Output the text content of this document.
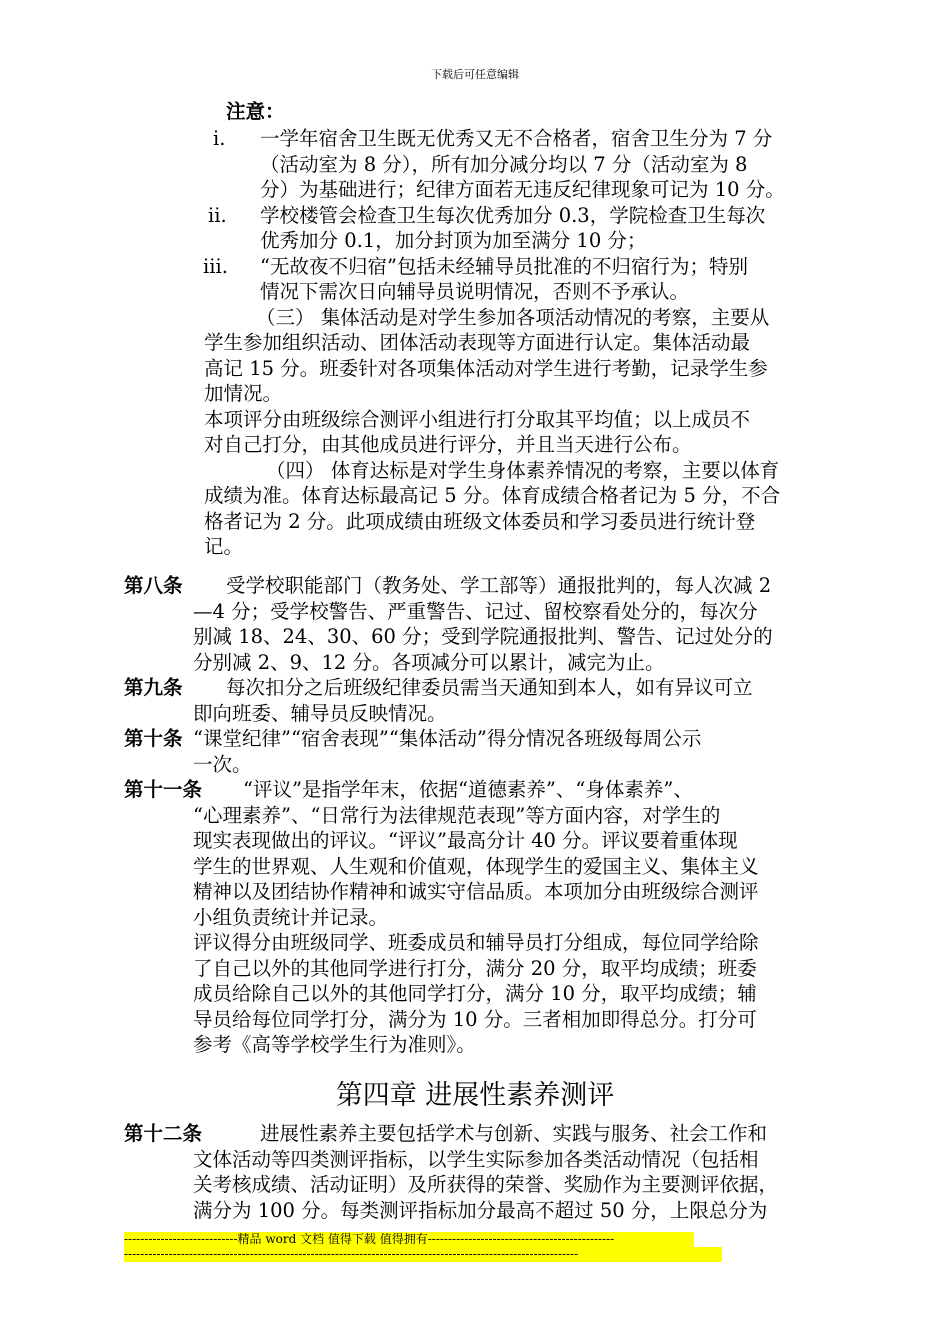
下载后可任意编辑
注意：
i. 一学年宿舍卫生既无优秀又无不合格者，宿舍卫生分为 7 分
（活动室为 8 分），所有加分减分均以 7 分（活动室为 8
分）为基础进行；纪律方面若无违反纪律现象可记为 10 分。
ii. 学校楼管会检查卫生每次优秀加分 0.3，学院检查卫生每次
优秀加分 0.1，加分封顶为加至满分 10 分；
iii. “无故夜不归宿”包括未经辅导员批准的不归宿行为；特别
情况下需次日向辅导员说明情况，否则不予承认。
（三） 集体活动是对学生参加各项活动情况的考察，主要从
学生参加组织活动、团体活动表现等方面进行认定。集体活动最
高记 15 分。班委针对各项集体活动对学生进行考勤，记录学生参
加情况。
本项评分由班级综合测评小组进行打分取其平均值；以上成员不
对自己打分，由其他成员进行评分，并且当天进行公布。
（四） 体育达标是对学生身体素养情况的考察，主要以体育
成绩为准。体育达标最高记 5 分。体育成绩合格者记为 5 分，不合
格者记为 2 分。此项成绩由班级文体委员和学习委员进行统计登
记。
第八条 受学校职能部门（教务处、学工部等）通报批判的，每人次减 2
—4 分；受学校警告、严重警告、记过、留校察看处分的，每次分
别减 18、24、30、60 分；受到学院通报批判、警告、记过处分的
分别减 2、9、12 分。各项减分可以累计，减完为止。
第九条 每次扣分之后班级纪律委员需当天通知到本人，如有异议可立
即向班委、辅导员反映情况。
第十条 “课堂纪律”“宿舍表现”“集体活动”得分情况各班级每周公示
一次。
第十一条 “评议”是指学年末，依据“道德素养”、“身体素养”、
“心理素养”、“日常行为法律规范表现”等方面内容，对学生的
现实表现做出的评议。“评议”最高分计 40 分。评议要着重体现
学生的世界观、人生观和价值观，体现学生的爱国主义、集体主义
精神以及团结协作精神和诚实守信品质。本项加分由班级综合测评
小组负责统计并记录。
评议得分由班级同学、班委成员和辅导员打分组成，每位同学给除
了自己以外的其他同学进行打分，满分 20 分，取平均成绩；班委
成员给除自己以外的其他同学打分，满分 10 分，取平均成绩；辅
导员给每位同学打分，满分为 10 分。三者相加即得总分。打分可
参考《高等学校学生行为准则》。
第四章 进展性素养测评
第十二条	进展性素养主要包括学术与创新、实践与服务、社会工作和
文体活动等四类测评指标，以学生实际参加各类活动情况（包括相
关考核成绩、活动证明）及所获得的荣誉、奖励作为主要测评依据，
满分为 100 分。每类测评指标加分最高不超过 50 分，上限总分为
----------------------------精品 word 文档 值得下载 值得拥有----------------------------------------------
----------------------------------------------------------------------------------------------------------------
